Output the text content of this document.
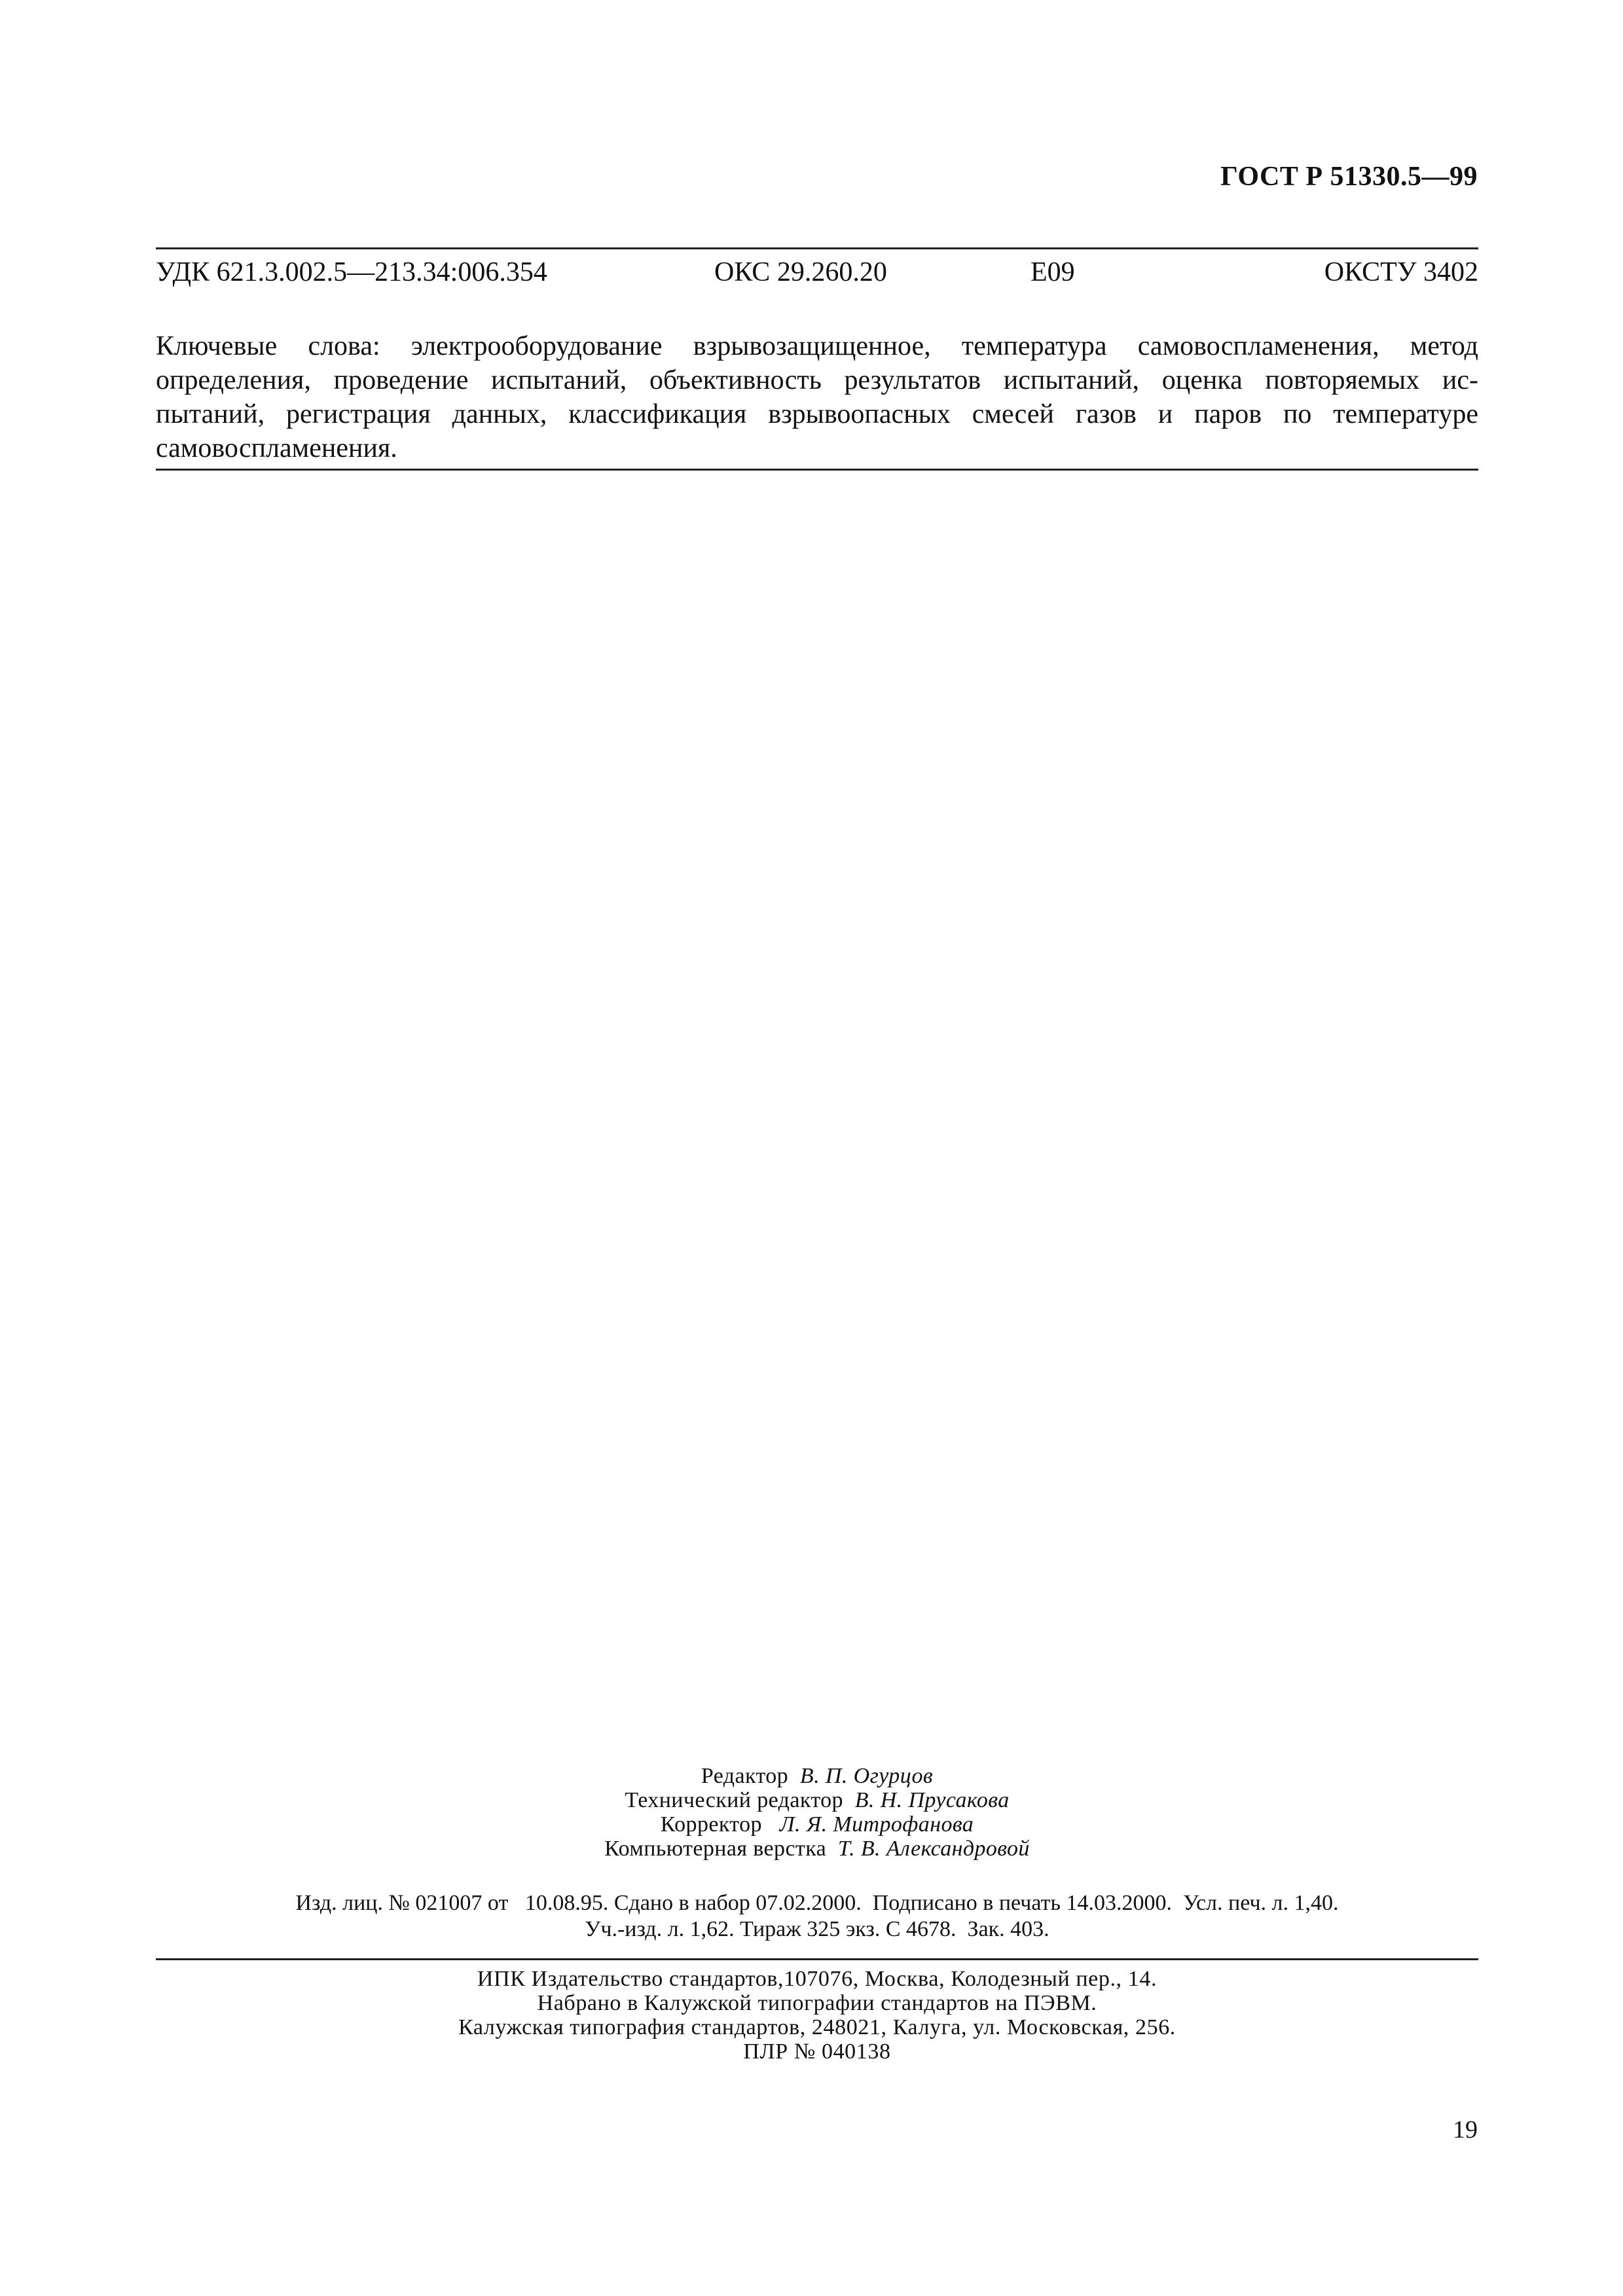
ГОСТ Р 51330.5—99
УДК 621.3.002.5—213.34:006.354	ОКС 29.260.20	Е09	ОКСТУ 3402
Ключевые слова: электрооборудование взрывозащищенное, температура самовоспламенения, метод
определения, проведение испытаний, объективность результатов испытаний, оценка повторяемых ис-
пытаний, регистрация данных, классификация взрывоопасных смесей газов и паров по температуре
самовоспламенения.
Редактор В. П. Огурцов
Технический редактор В. Н. Прусакова
Корректор Л. Я. Митрофанова
Компьютерная верстка Т. В. Александровой
Изд. лиц. № 021007 от   10.08.95. Сдано в набор 07.02.2000.  Подписано в печать 14.03.2000.  Усл. печ. л. 1,40.
Уч.-изд. л. 1,62. Тираж 325 экз. С 4678.  Зак. 403.
ИПК Издательство стандартов,107076, Москва, Колодезный пер., 14.
Набрано в Калужской типографии стандартов на ПЭВМ.
Калужская типография стандартов, 248021, Калуга, ул. Московская, 256.
ПЛР № 040138
19
